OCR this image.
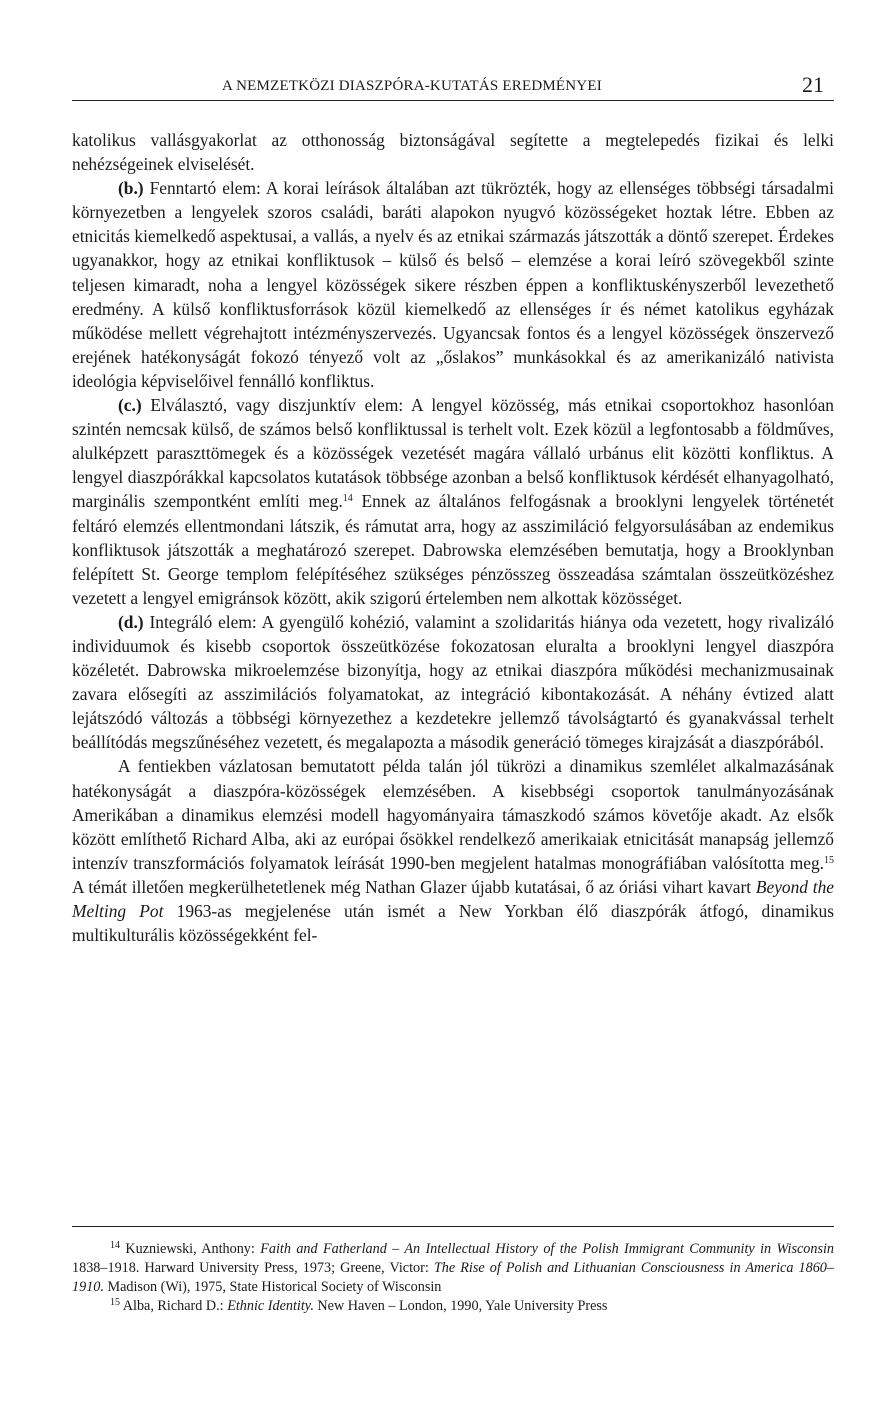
A NEMZETKÖZI DIASZPÓRA-KUTATÁS EREDMÉNYEI	21

katolikus vallásgyakorlat az otthonosság biztonságával segítette a megtelepedés fizikai és lelki nehézségeinek elviselését.

(b.) Fenntartó elem: A korai leírások általában azt tükrözték, hogy az ellenséges többségi társadalmi környezetben a lengyelek szoros családi, baráti alapokon nyugvó közösségeket hoztak létre. Ebben az etnicitás kiemelkedő aspektusai, a vallás, a nyelv és az etnikai származás játszották a döntő szerepet. Érdekes ugyanakkor, hogy az etnikai konfliktusok – külső és belső – elemzése a korai leíró szövegekből szinte teljesen kimaradt, noha a lengyel közösségek sikere részben éppen a konfliktuskényszerből levezethető eredmény. A külső konfliktusforrások közül kiemelkedő az ellenséges ír és német katolikus egyházak működése mellett végrehajtott intézményszervezés. Ugyancsak fontos és a lengyel közösségek önszervező erejének hatékonyságát fokozó tényező volt az „őslakos” munkásokkal és az amerikanizáló nativista ideológia képviselőivel fennálló konfliktus.

(c.) Elválasztó, vagy diszjunktív elem: A lengyel közösség, más etnikai csoportokhoz hasonlóan szintén nemcsak külső, de számos belső konfliktussal is terhelt volt. Ezek közül a legfontosabb a földműves, alulképzett paraszttömegek és a közösségek vezetését magára vállaló urbánus elit közötti konfliktus. A lengyel diaszpórákkal kapcsolatos kutatások többsége azonban a belső konfliktusok kérdését elhanyagolható, marginális szempontként említi meg.$^{14}$ Ennek az általános felfogásnak a brooklyni lengyelek történetét feltáró elemzés ellentmondani látszik, és rámutat arra, hogy az asszimiláció felgyorsulásában az endemikus konfliktusok játszották a meghatározó szerepet. Dabrowska elemzésében bemutatja, hogy a Brooklynban felépített St. George templom felépítéséhez szükséges pénzösszeg összeadása számtalan összeütközéshez vezetett a lengyel emigránsok között, akik szigorú értelemben nem alkottak közösséget.

(d.) Integráló elem: A gyengülő kohézió, valamint a szolidaritás hiánya oda vezetett, hogy rivalizáló individuumok és kisebb csoportok összeütközése fokozatosan eluralta a brooklyni lengyel diaszpóra közéletét. Dabrowska mikroelemzése bizonyítja, hogy az etnikai diaszpóra működési mechanizmusainak zavara elősegíti az asszimilációs folyamatokat, az integráció kibontakozását. A néhány évtized alatt lejátszódó változás a többségi környezethez a kezdetekre jellemző távolságtartó és gyanakvással terhelt beállítódás megszűnéséhez vezetett, és megalapozta a második generáció tömeges kirajzását a diaszpórából.

A fentiekben vázlatosan bemutatott példa talán jól tükrözi a dinamikus szemlélet alkalmazásának hatékonyságát a diaszpóra-közösségek elemzésében. A kisebbségi csoportok tanulmányozásának Amerikában a dinamikus elemzési modell hagyományaira támaszkodó számos követője akadt. Az elsők között említhető Richard Alba, aki az európai ősökkel rendelkező amerikaiak etnicitását manapság jellemző intenzív transzformációs folyamatok leírását 1990-ben megjelent hatalmas monográfiában valósította meg.$^{15}$ A témát illetően megkerülhetetlenek még Nathan Glazer újabb kutatásai, ő az óriási vihart kavart Beyond the Melting Pot 1963-as megjelenése után ismét a New Yorkban élő diaszpórák átfogó, dinamikus multikulturális közösségekként fel-

$^{14}$ Kuzniewski, Anthony: Faith and Fatherland – An Intellectual History of the Polish Immigrant Community in Wisconsin 1838–1918. Harward University Press, 1973; Greene, Victor: The Rise of Polish and Lithuanian Consciousness in America 1860–1910. Madison (Wi), 1975, State Historical Society of Wisconsin

$^{15}$ Alba, Richard D.: Ethnic Identity. New Haven – London, 1990, Yale University Press
